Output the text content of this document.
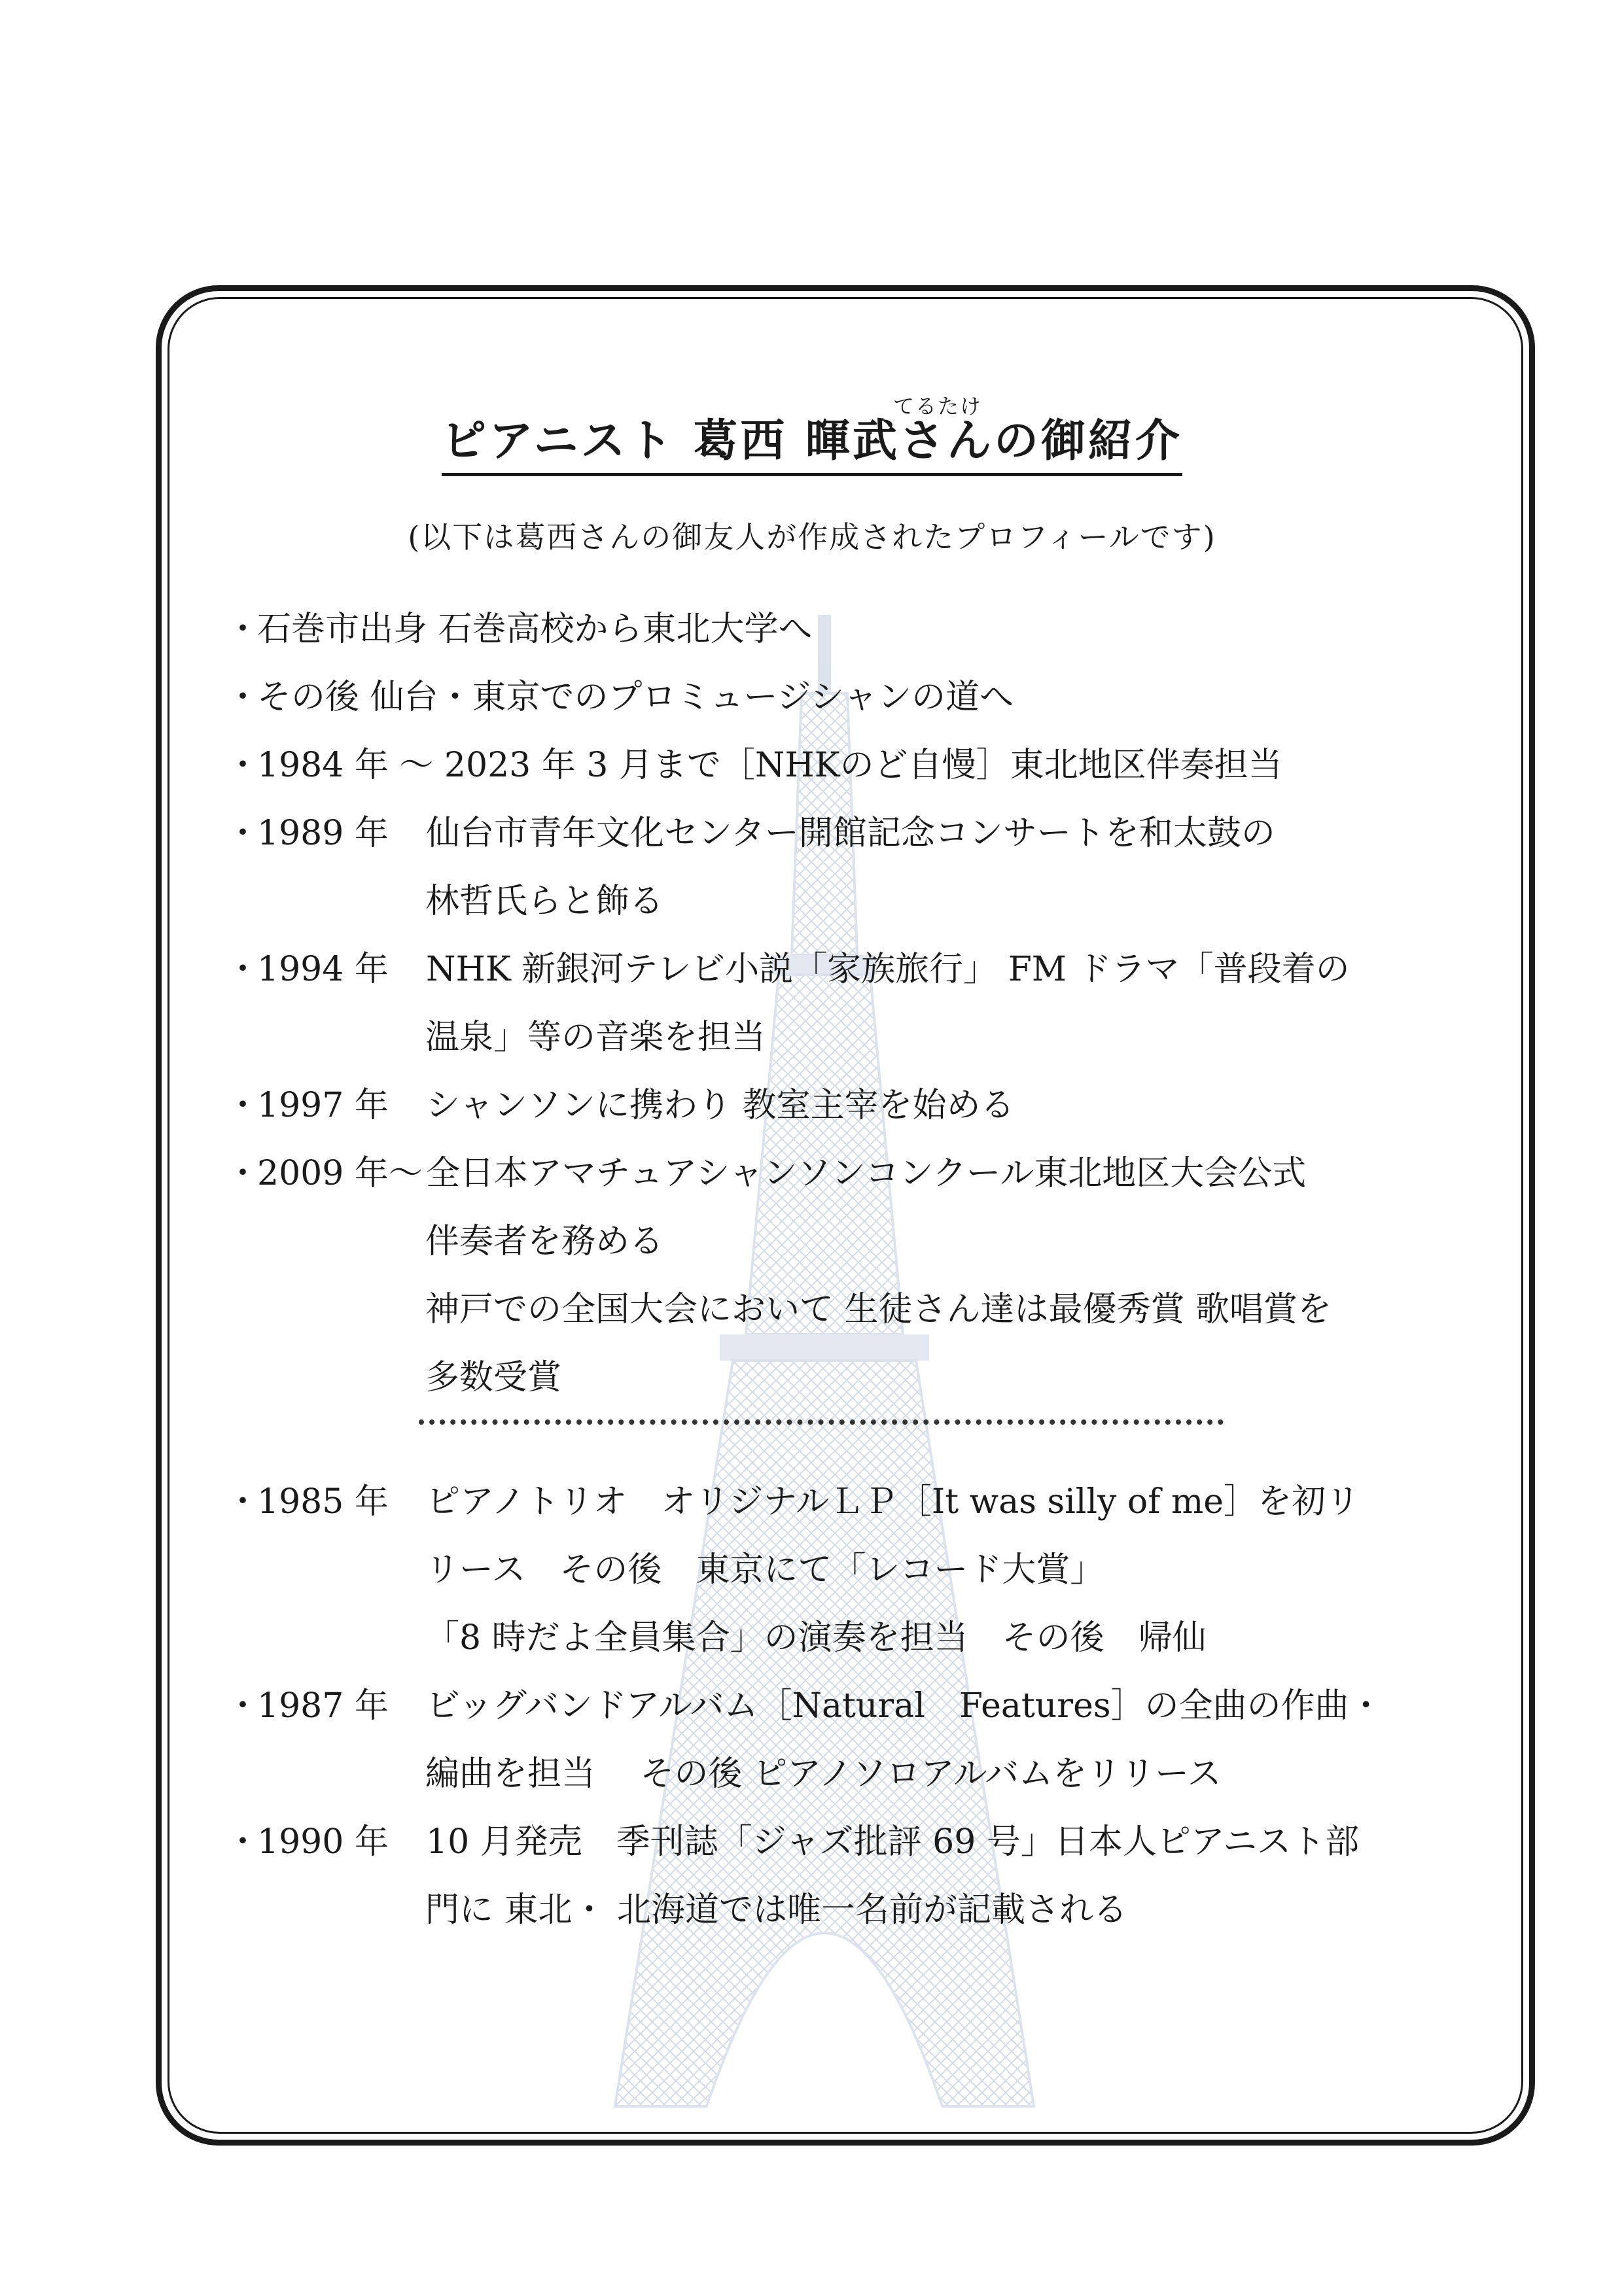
てるたけ
ピアニスト 葛西 暉武さんの御紹介
(以下は葛西さんの御友人が作成されたプロフィールです)
・石巻市出身 石巻高校から東北大学へ
・その後 仙台・東京でのプロミュージシャンの道へ
・1984 年 〜 2023 年 3 月まで［NHKのど自慢］東北地区伴奏担当
・1989 年 仙台市青年文化センター開館記念コンサートを和太鼓の
林哲氏らと飾る
・1994 年 NHK 新銀河テレビ小説「家族旅行」 FM ドラマ「普段着の
温泉」等の音楽を担当
・1997 年 シャンソンに携わり 教室主宰を始める
・2009 年〜全日本アマチュアシャンソンコンクール東北地区大会公式
伴奏者を務める
神戸での全国大会において 生徒さん達は最優秀賞 歌唱賞を
多数受賞
・1985 年 ピアノトリオ　オリジナルＬＰ［It was silly of me］を初リ
リース　その後　東京にて「レコード大賞」
「8 時だよ全員集合」の演奏を担当　その後　帰仙
・1987 年 ビッグバンドアルバム［Natural　Features］の全曲の作曲・
編曲を担当　 その後 ピアノソロアルバムをリリース
・1990 年 10 月発売　季刊誌「ジャズ批評 69 号」日本人ピアニスト部
門に 東北・ 北海道では唯一名前が記載される
